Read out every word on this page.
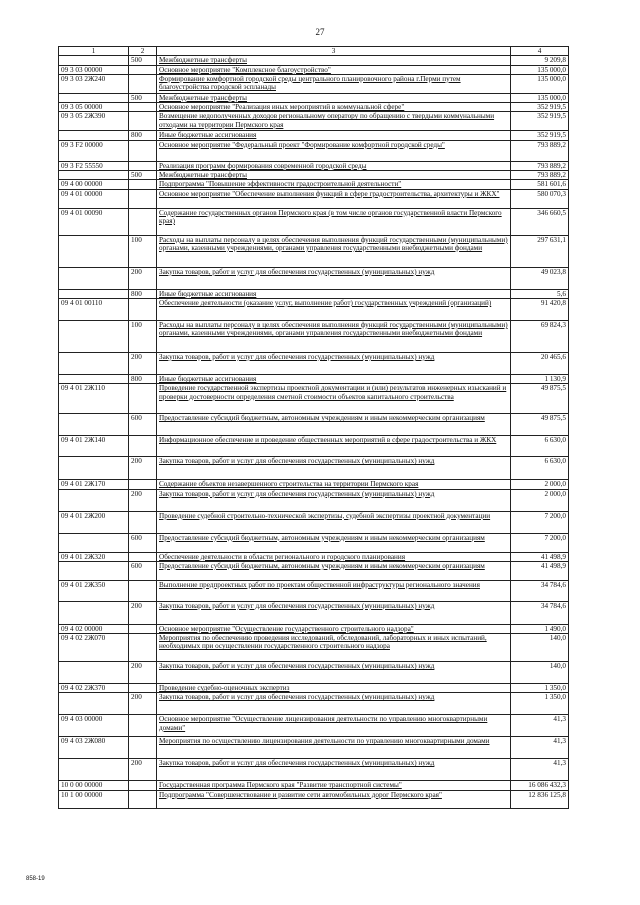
27
1	2	3	4
	500	Межбюджетные трансферты	9 209,8
09 3 03 00000		Основное мероприятие "Комплексное благоустройство"	135 000,0
09 3 03 2Ж240		Формирование комфортной городской среды центрального планировочного района г.Перми путем благоустройства городской эспланады	135 000,0
	500	Межбюджетные трансферты	135 000,0
09 3 05 00000		Основное мероприятие "Реализация иных мероприятий в коммунальной сфере"	352 919,5
09 3 05 2Ж390		Возмещение недополученных доходов региональному оператору по обращению с твердыми коммунальными отходами на территории Пермского края	352 919,5
	800	Иные бюджетные ассигнования	352 919,5
09 3 F2 00000		Основное мероприятие "Федеральный проект "Формирование комфортной городской среды"	793 889,2
09 3 F2 55550		Реализация программ формирования современной городской среды	793 889,2
	500	Межбюджетные трансферты	793 889,2
09 4 00 00000		Подпрограмма "Повышение эффективности градостроительной деятельности"	581 601,6
09 4 01 00000		Основное мероприятие "Обеспечение выполнения функций в сфере градостроительства, архитектуры и ЖКХ"	580 070,3
09 4 01 00090		Содержание государственных органов Пермского края (в том числе органов государственной власти Пермского края)	346 660,5
	100	Расходы на выплаты персоналу в целях обеспечения выполнения функций государственными (муниципальными) органами, казенными учреждениями, органами управления государственными внебюджетными фондами	297 631,1
	200	Закупка товаров, работ и услуг для обеспечения государственных (муниципальных) нужд	49 023,8
	800	Иные бюджетные ассигнования	5,6
09 4 01 00110		Обеспечение деятельности (оказание услуг, выполнение работ) государственных учреждений (организаций)	91 420,8
	100	Расходы на выплаты персоналу в целях обеспечения выполнения функций государственными (муниципальными) органами, казенными учреждениями, органами управления государственными внебюджетными фондами	69 824,3
	200	Закупка товаров, работ и услуг для обеспечения государственных (муниципальных) нужд	20 465,6
	800	Иные бюджетные ассигнования	1 130,9
09 4 01 2Ж110		Проведение государственной экспертизы проектной документации и (или) результатов инженерных изысканий и проверки достоверности определения сметной стоимости объектов капитального строительства	49 875,5
	600	Предоставление субсидий бюджетным, автономным учреждениям и иным некоммерческим организациям	49 875,5
09 4 01 2Ж140		Информационное обеспечение и проведение общественных мероприятий в сфере градостроительства и ЖКХ	6 630,0
	200	Закупка товаров, работ и услуг для обеспечения государственных (муниципальных) нужд	6 630,0
09 4 01 2Ж170		Содержание объектов незавершенного строительства на территории Пермского края	2 000,0
	200	Закупка товаров, работ и услуг для обеспечения государственных (муниципальных) нужд	2 000,0
09 4 01 2Ж200		Проведение судебной строительно-технической экспертизы, судебной экспертизы проектной документации	7 200,0
	600	Предоставление субсидий бюджетным, автономным учреждениям и иным некоммерческим организациям	7 200,0
09 4 01 2Ж320		Обеспечение деятельности в области регионального и городского планирования	41 498,9
	600	Предоставление субсидий бюджетным, автономным учреждениям и иным некоммерческим организациям	41 498,9
09 4 01 2Ж350		Выполнение предпроектных работ по проектам общественной инфраструктуры регионального значения	34 784,6
	200	Закупка товаров, работ и услуг для обеспечения государственных (муниципальных) нужд	34 784,6
09 4 02 00000		Основное мероприятие "Осуществление государственного строительного надзора"	1 490,0
09 4 02 2Ж070		Мероприятия по обеспечению проведения исследований, обследований, лабораторных и иных испытаний, необходимых при осуществлении государственного строительного надзора	140,0
	200	Закупка товаров, работ и услуг для обеспечения государственных (муниципальных) нужд	140,0
09 4 02 2Ж370		Проведение судебно-оценочных экспертиз	1 350,0
	200	Закупка товаров, работ и услуг для обеспечения государственных (муниципальных) нужд	1 350,0
09 4 03 00000		Основное мероприятие "Осуществление лицензирования деятельности по управлению многоквартирными домами"	41,3
09 4 03 2Ж080		Мероприятия по осуществлению лицензирования деятельности по управлению многоквартирными домами	41,3
	200	Закупка товаров, работ и услуг для обеспечения государственных (муниципальных) нужд	41,3
10 0 00 00000		Государственная программа Пермского края "Развитие транспортной системы"	16 086 432,3
10 1 00 00000		Подпрограмма "Совершенствование и развитие сети автомобильных дорог Пермского края"	12 836 125,8
858-19
